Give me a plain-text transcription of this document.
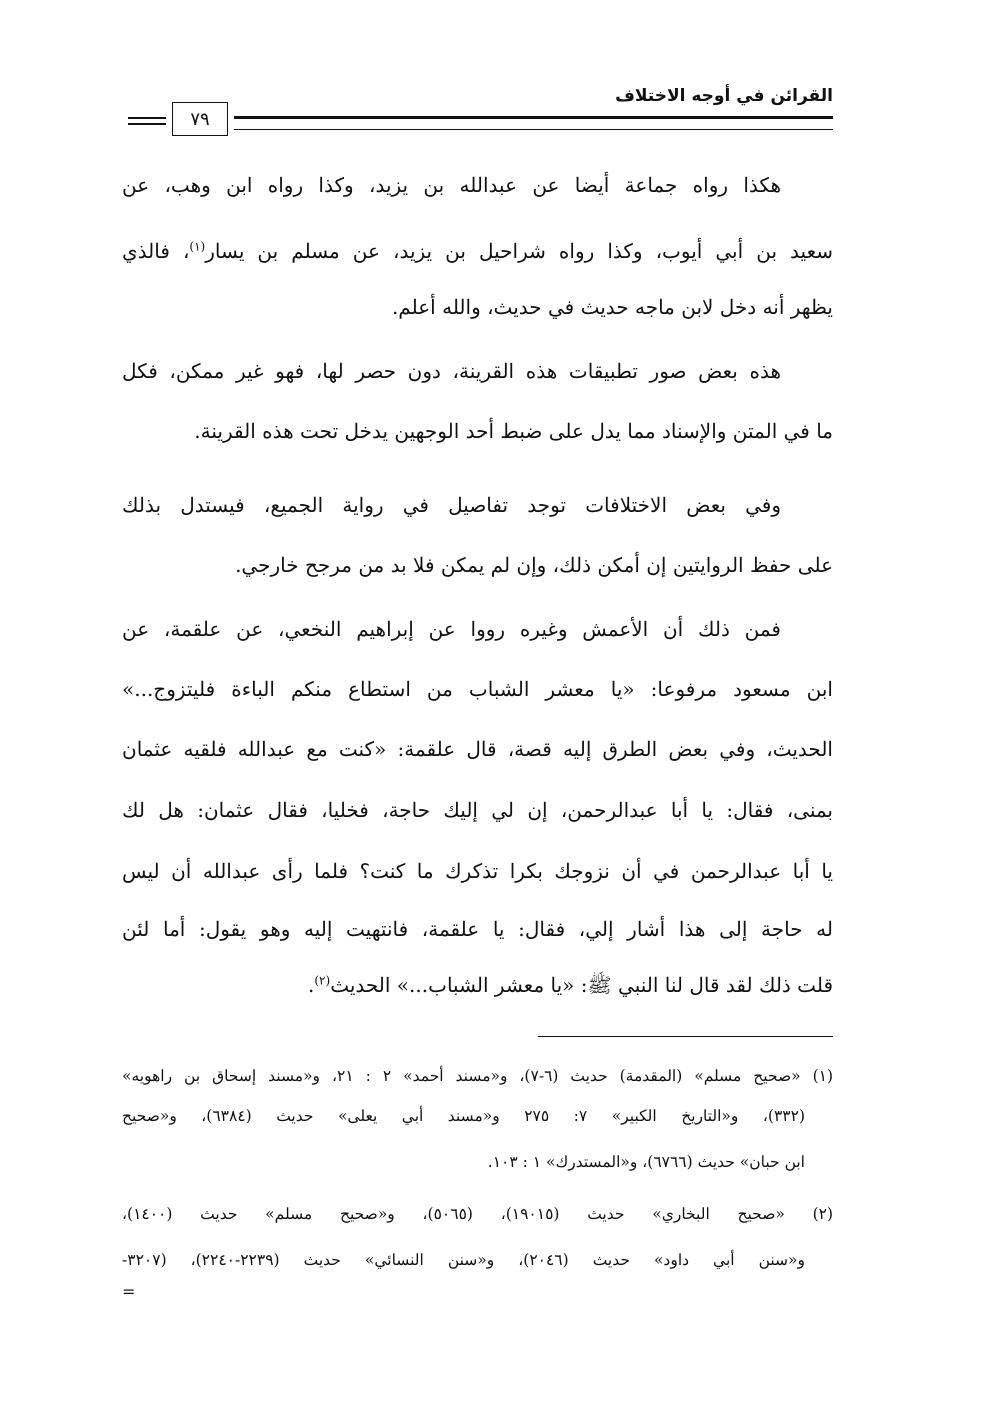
القرائن في أوجه الاختلاف
٧٩
هكذا رواه جماعة أيضا عن عبدالله بن يزيد، وكذا رواه ابن وهب، عن
سعيد بن أبي أيوب، وكذا رواه شراحيل بن يزيد، عن مسلم بن يسار$^{(١)}$، فالذي
يظهر أنه دخل لابن ماجه حديث في حديث، والله أعلم.
هذه بعض صور تطبيقات هذه القرينة، دون حصر لها، فهو غير ممكن، فكل
ما في المتن والإسناد مما يدل على ضبط أحد الوجهين يدخل تحت هذه القرينة.
وفي بعض الاختلافات توجد تفاصيل في رواية الجميع، فيستدل بذلك
على حفظ الروايتين إن أمكن ذلك، وإن لم يمكن فلا بد من مرجح خارجي.
فمن ذلك أن الأعمش وغيره رووا عن إبراهيم النخعي، عن علقمة، عن
ابن مسعود مرفوعا: «يا معشر الشباب من استطاع منكم الباءة فليتزوج...»
الحديث، وفي بعض الطرق إليه قصة، قال علقمة: «كنت مع عبدالله فلقيه عثمان
بمنى، فقال: يا أبا عبدالرحمن، إن لي إليك حاجة، فخليا، فقال عثمان: هل لك
يا أبا عبدالرحمن في أن نزوجك بكرا تذكرك ما كنت؟ فلما رأى عبدالله أن ليس
له حاجة إلى هذا أشار إلي، فقال: يا علقمة، فانتهيت إليه وهو يقول: أما لئن
قلت ذلك لقد قال لنا النبي ﷺ: «يا معشر الشباب...» الحديث$^{(٢)}$.
(١) «صحيح مسلم» (المقدمة) حديث (٦-٧)، و«مسند أحمد» ٢ : ٢١، و«مسند إسحاق بن راهويه»
(٣٣٢)، و«التاريخ الكبير» ٧: ٢٧٥ و«مسند أبي يعلى» حديث (٦٣٨٤)، و«صحيح
ابن حبان» حديث (٦٧٦٦)، و«المستدرك» ١ : ١٠٣.
(٢) «صحيح البخاري» حديث (١٩٠١٥)، (٥٠٦٥)، و«صحيح مسلم» حديث (١٤٠٠)،
و«سنن أبي داود» حديث (٢٠٤٦)، و«سنن النسائي» حديث (٢٢٣٩-٢٢٤٠)، (٣٢٠٧-
=
